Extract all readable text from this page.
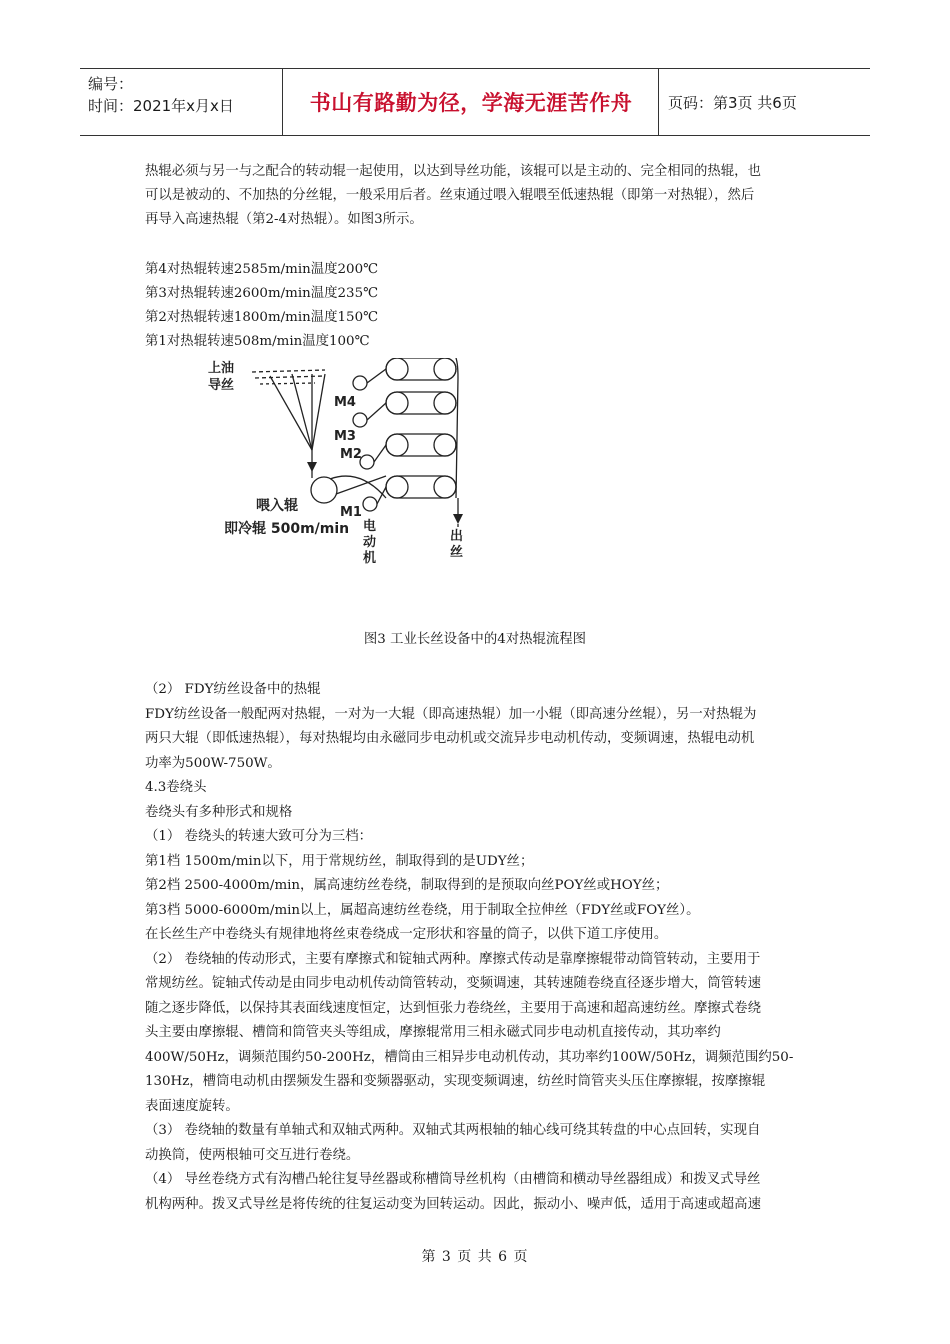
编号：
时间：2021年x月x日	书山有路勤为径，学海无涯苦作舟	页码：第3页 共6页
热辊必须与另一与之配合的转动辊一起使用，以达到导丝功能，该辊可以是主动的、完全相同的热辊，也
可以是被动的、不加热的分丝辊，一般采用后者。丝束通过喂入辊喂至低速热辊（即第一对热辊），然后
再导入高速热辊（第2-4对热辊）。如图3所示。
第4对热辊转速2585m/min温度200℃
第3对热辊转速2600m/min温度235℃
第2对热辊转速1800m/min温度150℃
第1对热辊转速508m/min温度100℃
上油
导丝
M4
M3
M2
M1
喂入辊
即冷辊 500m/min 电
动
机
出
丝
图3 工业长丝设备中的4对热辊流程图
（2） FDY纺丝设备中的热辊
FDY纺丝设备一般配两对热辊，一对为一大辊（即高速热辊）加一小辊（即高速分丝辊），另一对热辊为
两只大辊（即低速热辊），每对热辊均由永磁同步电动机或交流异步电动机传动，变频调速，热辊电动机
功率为500W-750W。
4.3卷绕头
卷绕头有多种形式和规格
（1） 卷绕头的转速大致可分为三档：
第1档 1500m/min以下，用于常规纺丝，制取得到的是UDY丝；
第2档 2500-4000m/min，属高速纺丝卷绕，制取得到的是预取向丝POY丝或HOY丝；
第3档 5000-6000m/min以上，属超高速纺丝卷绕，用于制取全拉伸丝（FDY丝或FOY丝）。
在长丝生产中卷绕头有规律地将丝束卷绕成一定形状和容量的筒子，以供下道工序使用。
（2） 卷绕轴的传动形式，主要有摩擦式和锭轴式两种。摩擦式传动是靠摩擦辊带动筒管转动，主要用于
常规纺丝。锭轴式传动是由同步电动机传动筒管转动，变频调速，其转速随卷绕直径逐步增大，筒管转速
随之逐步降低，以保持其表面线速度恒定，达到恒张力卷绕丝，主要用于高速和超高速纺丝。摩擦式卷绕
头主要由摩擦辊、槽筒和筒管夹头等组成，摩擦辊常用三相永磁式同步电动机直接传动，其功率约
400W/50Hz，调频范围约50-200Hz，槽筒由三相异步电动机传动，其功率约100W/50Hz，调频范围约50-
130Hz，槽筒电动机由摆频发生器和变频器驱动，实现变频调速，纺丝时筒管夹头压住摩擦辊，按摩擦辊
表面速度旋转。
（3） 卷绕轴的数量有单轴式和双轴式两种。双轴式其两根轴的轴心线可绕其转盘的中心点回转，实现自
动换筒，使两根轴可交互进行卷绕。
（4） 导丝卷绕方式有沟槽凸轮往复导丝器或称槽筒导丝机构（由槽筒和横动导丝器组成）和拨叉式导丝
机构两种。拨叉式导丝是将传统的往复运动变为回转运动。因此，振动小、噪声低，适用于高速或超高速
第 3 页 共 6 页
